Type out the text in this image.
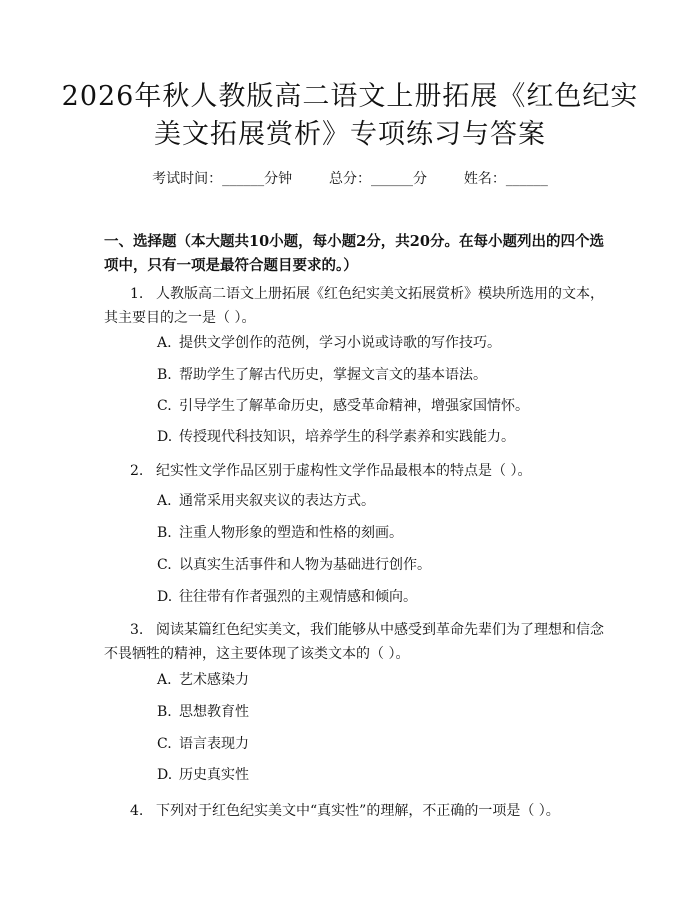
2026年秋人教版高二语文上册拓展《红色纪实美文拓展赏析》专项练习与答案
考试时间：______分钟	总分：______分	姓名：______
一、选择题（本大题共10小题，每小题2分，共20分。在每小题列出的四个选项中，只有一项是最符合题目要求的。）
1. 人教版高二语文上册拓展《红色纪实美文拓展赏析》模块所选用的文本，其主要目的之一是（ ）。
A. 提供文学创作的范例，学习小说或诗歌的写作技巧。
B. 帮助学生了解古代历史，掌握文言文的基本语法。
C. 引导学生了解革命历史，感受革命精神，增强家国情怀。
D. 传授现代科技知识，培养学生的科学素养和实践能力。
2. 纪实性文学作品区别于虚构性文学作品最根本的特点是（ ）。
A. 通常采用夹叙夹议的表达方式。
B. 注重人物形象的塑造和性格的刻画。
C. 以真实生活事件和人物为基础进行创作。
D. 往往带有作者强烈的主观情感和倾向。
3. 阅读某篇红色纪实美文，我们能够从中感受到革命先辈们为了理想和信念不畏牺牲的精神，这主要体现了该类文本的（ ）。
A. 艺术感染力
B. 思想教育性
C. 语言表现力
D. 历史真实性
4. 下列对于红色纪实美文中“真实性”的理解，不正确的一项是（ ）。
